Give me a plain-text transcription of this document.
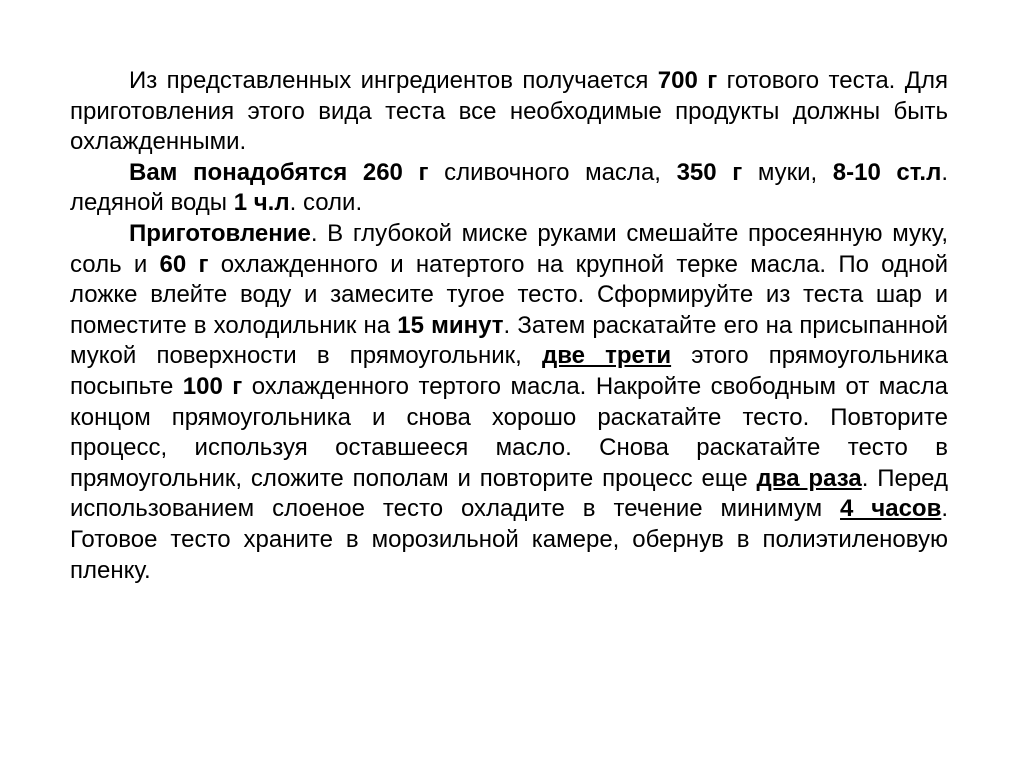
Из представленных ингредиентов получается 700 г готового теста. Для приготовления этого вида теста все необходимые продукты должны быть охлажденными.

Вам понадобятся 260 г сливочного масла, 350 г муки, 8-10 ст.л. ледяной воды 1 ч.л. соли.

Приготовление. В глубокой миске руками смешайте просеянную муку, соль и 60 г охлажденного и натертого на крупной терке масла. По одной ложке влейте воду и замесите тугое тесто. Сформируйте из теста шар и поместите в холодильник на 15 минут. Затем раскатайте его на присыпанной мукой поверхности в прямоугольник, две трети этого прямоугольника посыпьте 100 г охлажденного тертого масла. Накройте свободным от масла концом прямоугольника и снова хорошо раскатайте тесто. Повторите процесс, используя оставшееся масло. Снова раскатайте тесто в прямоугольник, сложите пополам и повторите процесс еще два раза. Перед использованием слоеное тесто охладите в течение минимум 4 часов. Готовое тесто храните в морозильной камере, обернув в полиэтиленовую пленку.
